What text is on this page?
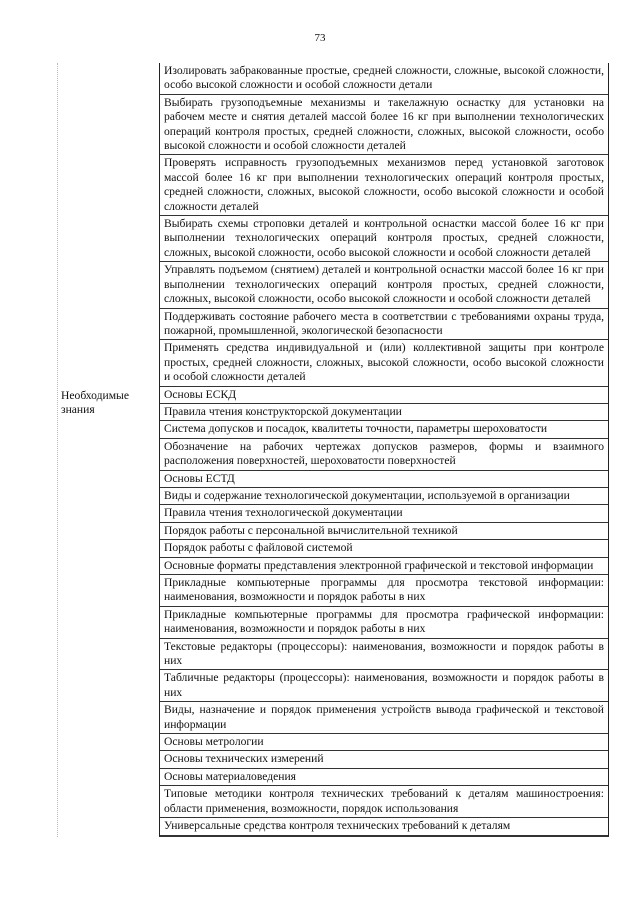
73
Изолировать забракованные простые, средней сложности, сложные, высокой сложности, особо высокой сложности и особой сложности детали
Выбирать грузоподъемные механизмы и такелажную оснастку для установки на рабочем месте и снятия деталей массой более 16 кг при выполнении технологических операций контроля простых, средней сложности, сложных, высокой сложности, особо высокой сложности и особой сложности деталей
Проверять исправность грузоподъемных механизмов перед установкой заготовок массой более 16 кг при выполнении технологических операций контроля простых, средней сложности, сложных, высокой сложности, особо высокой сложности и особой сложности деталей
Выбирать схемы строповки деталей и контрольной оснастки массой более 16 кг при выполнении технологических операций контроля простых, средней сложности, сложных, высокой сложности, особо высокой сложности и особой сложности деталей
Управлять подъемом (снятием) деталей и контрольной оснастки массой более 16 кг при выполнении технологических операций контроля простых, средней сложности, сложных, высокой сложности, особо высокой сложности и особой сложности деталей
Поддерживать состояние рабочего места в соответствии с требованиями охраны труда, пожарной, промышленной, экологической безопасности
Применять средства индивидуальной и (или) коллективной защиты при контроле простых, средней сложности, сложных, высокой сложности, особо высокой сложности и особой сложности деталей
Необходимые знания
Основы ЕСКД
Правила чтения конструкторской документации
Система допусков и посадок, квалитеты точности, параметры шероховатости
Обозначение на рабочих чертежах допусков размеров, формы и взаимного расположения поверхностей, шероховатости поверхностей
Основы ЕСТД
Виды и содержание технологической документации, используемой в организации
Правила чтения технологической документации
Порядок работы с персональной вычислительной техникой
Порядок работы с файловой системой
Основные форматы представления электронной графической и текстовой информации
Прикладные компьютерные программы для просмотра текстовой информации: наименования, возможности и порядок работы в них
Прикладные компьютерные программы для просмотра графической информации: наименования, возможности и порядок работы в них
Текстовые редакторы (процессоры): наименования, возможности и порядок работы в них
Табличные редакторы (процессоры): наименования, возможности и порядок работы в них
Виды, назначение и порядок применения устройств вывода графической и текстовой информации
Основы метрологии
Основы технических измерений
Основы материаловедения
Типовые методики контроля технических требований к деталям машиностроения: области применения, возможности, порядок использования
Универсальные средства контроля технических требований к деталям
